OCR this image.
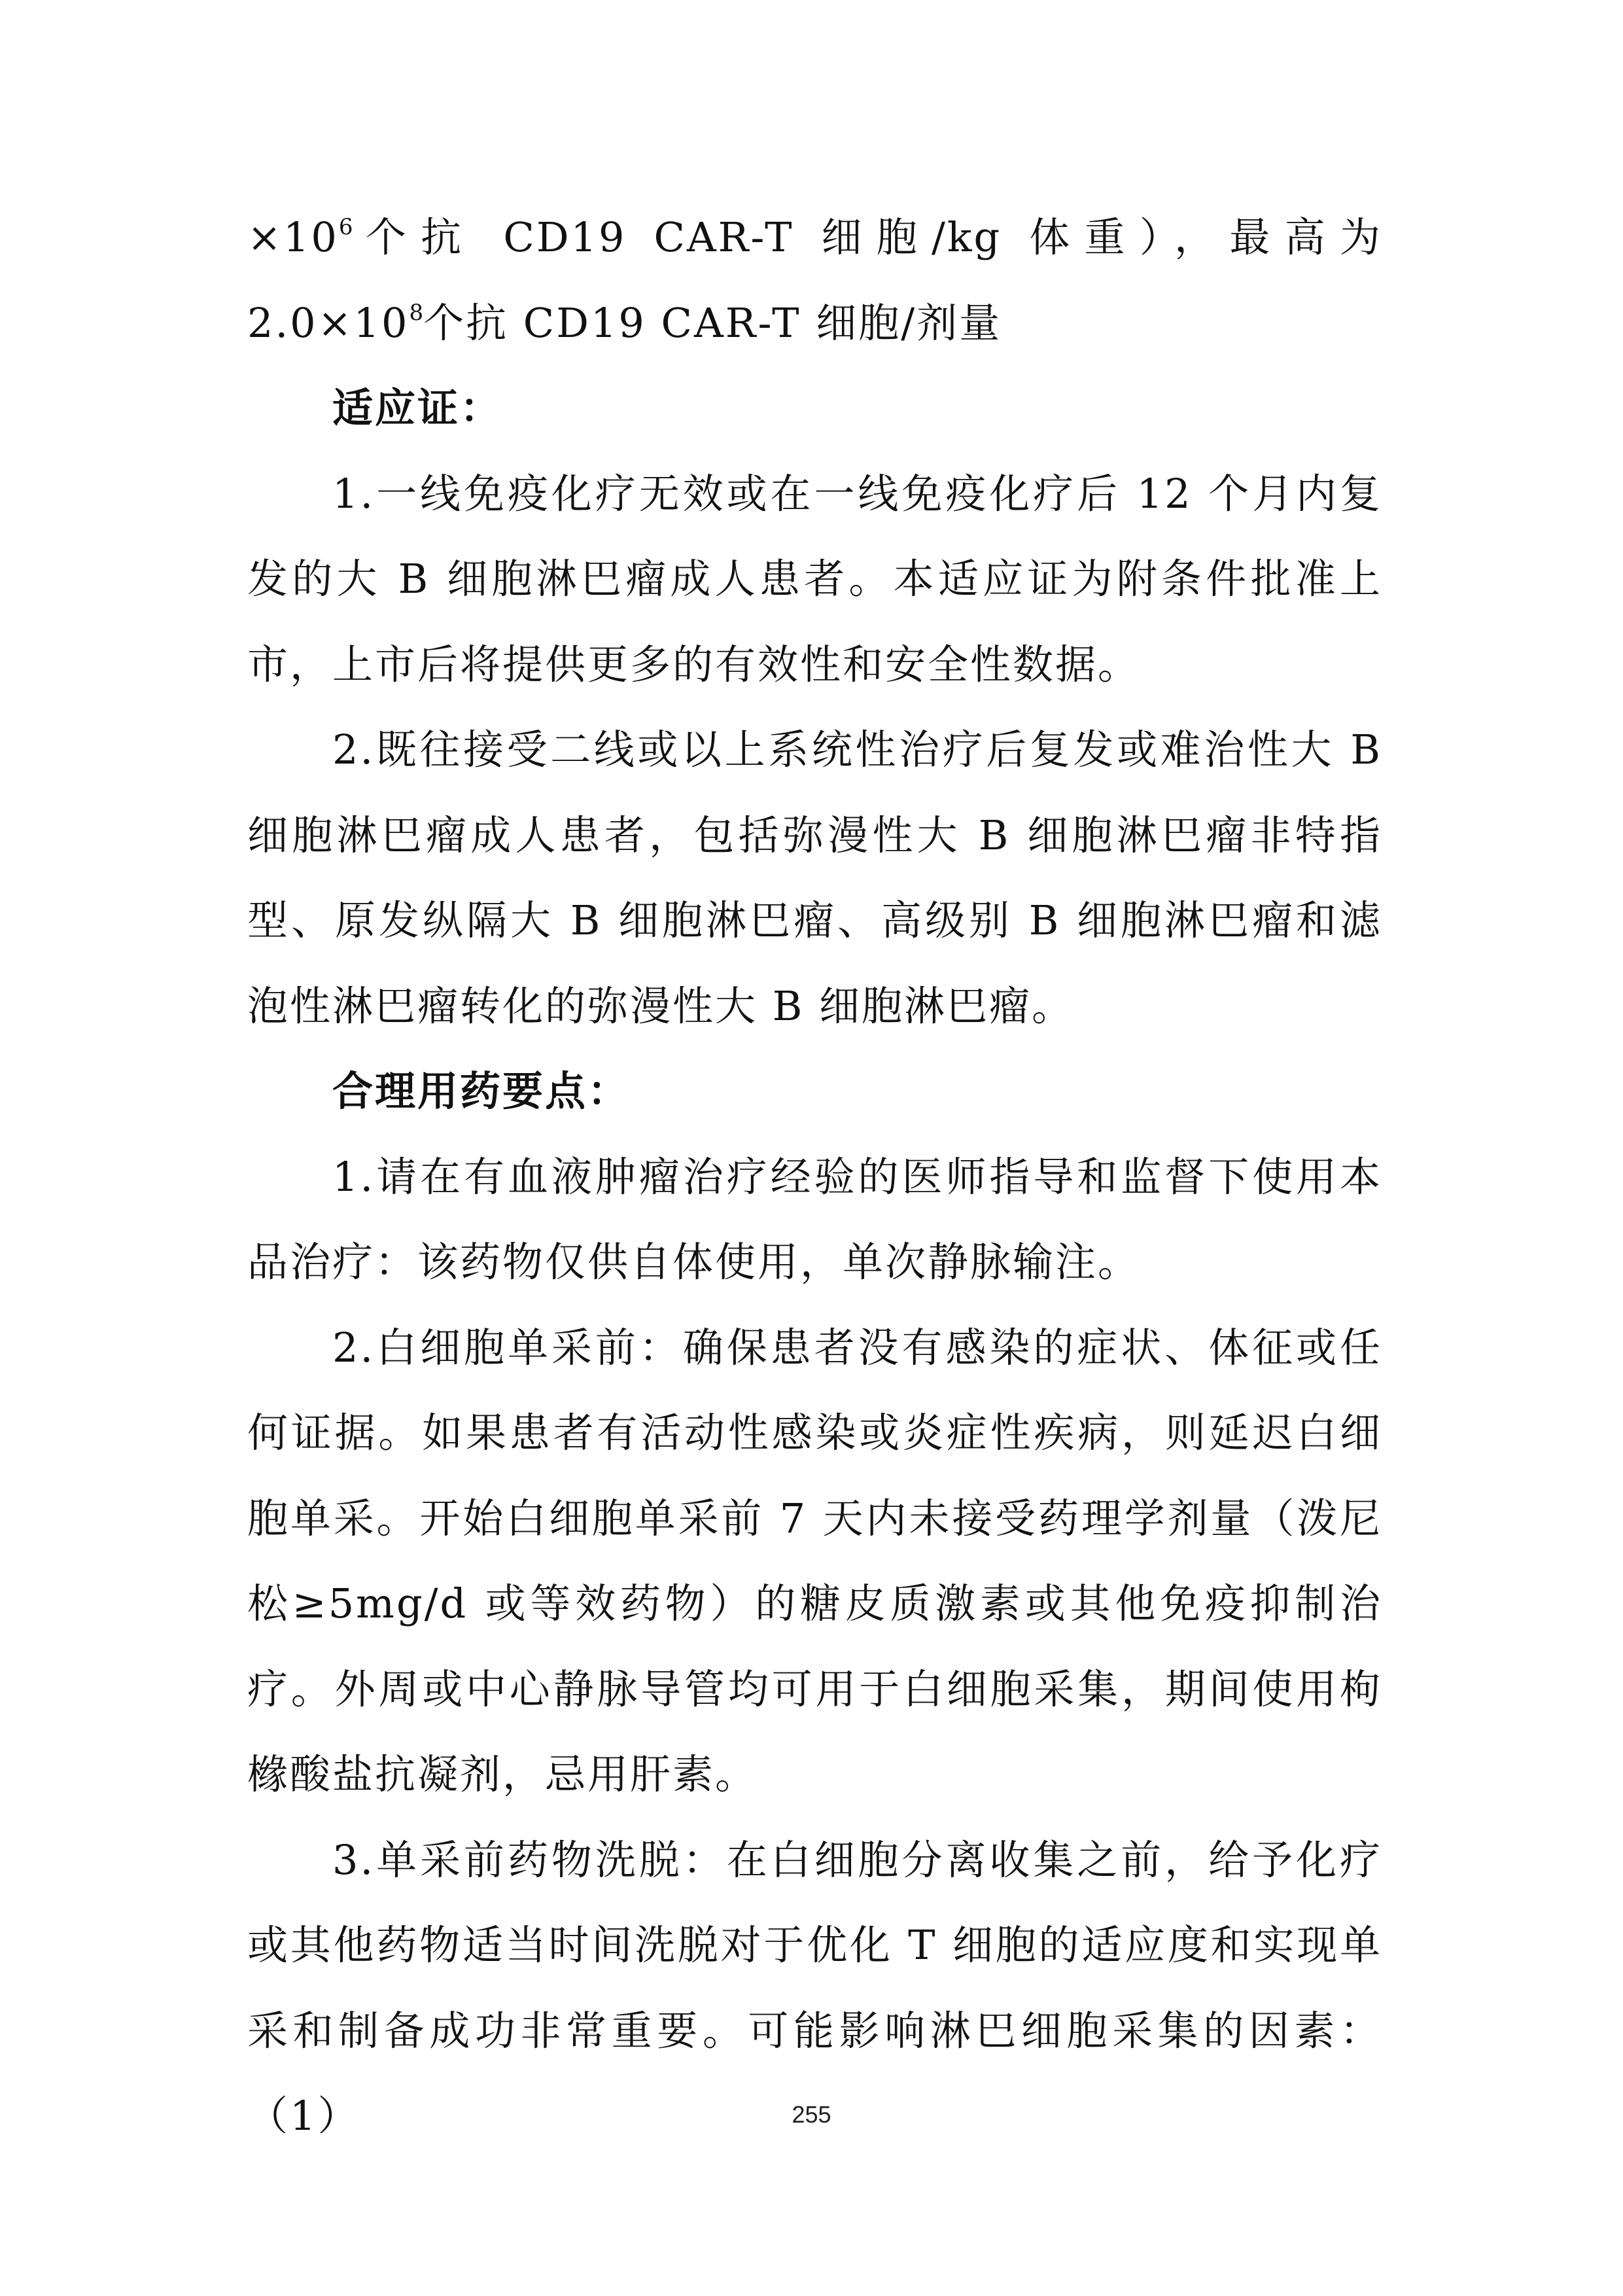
$\times 10^6$个抗 CD19 CAR-T 细胞/kg 体重），最高为 $2.0\times 10^8$个抗 CD19 CAR-T 细胞/剂量

适应证：

1.一线免疫化疗无效或在一线免疫化疗后 12 个月内复发的大 B 细胞淋巴瘤成人患者。本适应证为附条件批准上市，上市后将提供更多的有效性和安全性数据。

2.既往接受二线或以上系统性治疗后复发或难治性大 B 细胞淋巴瘤成人患者，包括弥漫性大 B 细胞淋巴瘤非特指型、原发纵隔大 B 细胞淋巴瘤、高级别 B 细胞淋巴瘤和滤泡性淋巴瘤转化的弥漫性大 B 细胞淋巴瘤。

合理用药要点：

1.请在有血液肿瘤治疗经验的医师指导和监督下使用本品治疗：该药物仅供自体使用，单次静脉输注。

2.白细胞单采前：确保患者没有感染的症状、体征或任何证据。如果患者有活动性感染或炎症性疾病，则延迟白细胞单采。开始白细胞单采前 7 天内未接受药理学剂量（泼尼松≥5mg/d 或等效药物）的糖皮质激素或其他免疫抑制治疗。外周或中心静脉导管均可用于白细胞采集，期间使用枸橼酸盐抗凝剂，忌用肝素。

3.单采前药物洗脱：在白细胞分离收集之前，给予化疗或其他药物适当时间洗脱对于优化 T 细胞的适应度和实现单采和制备成功非常重要。可能影响淋巴细胞采集的因素：（1）	255
